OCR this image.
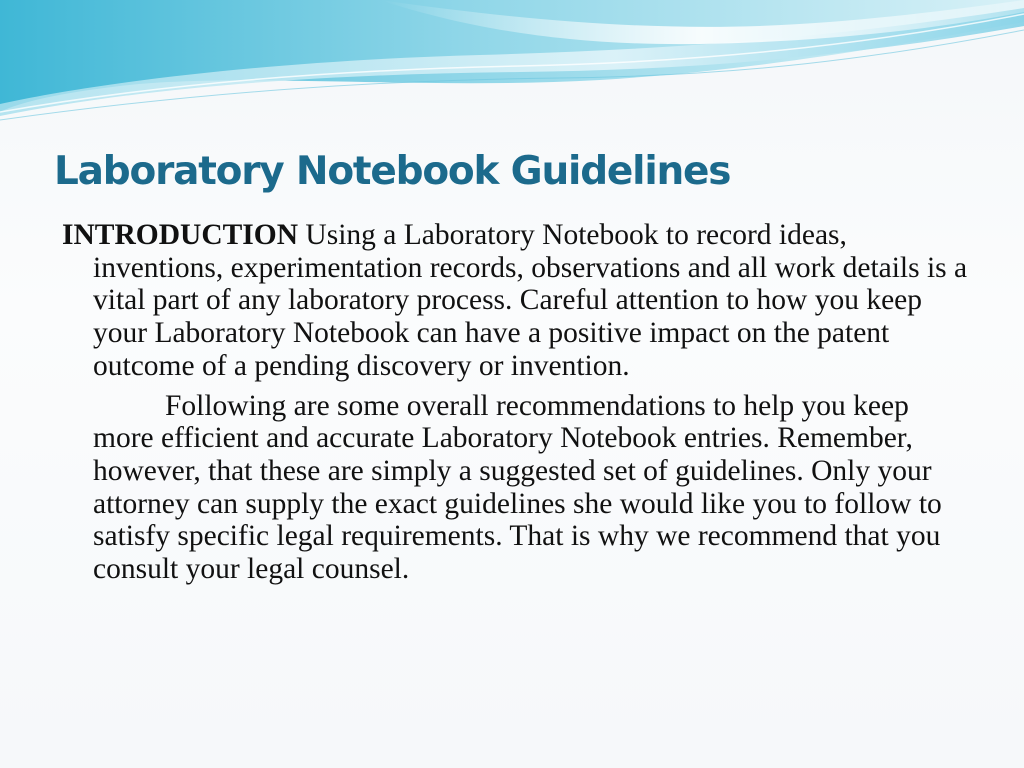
Laboratory Notebook Guidelines

INTRODUCTION Using a Laboratory Notebook to record ideas, inventions, experimentation records, observations and all work details is a vital part of any laboratory process. Careful attention to how you keep your Laboratory Notebook can have a positive impact on the patent outcome of a pending discovery or invention.

Following are some overall recommendations to help you keep more efficient and accurate Laboratory Notebook entries. Remember, however, that these are simply a suggested set of guidelines. Only your attorney can supply the exact guidelines she would like you to follow to satisfy specific legal requirements. That is why we recommend that you consult your legal counsel.
